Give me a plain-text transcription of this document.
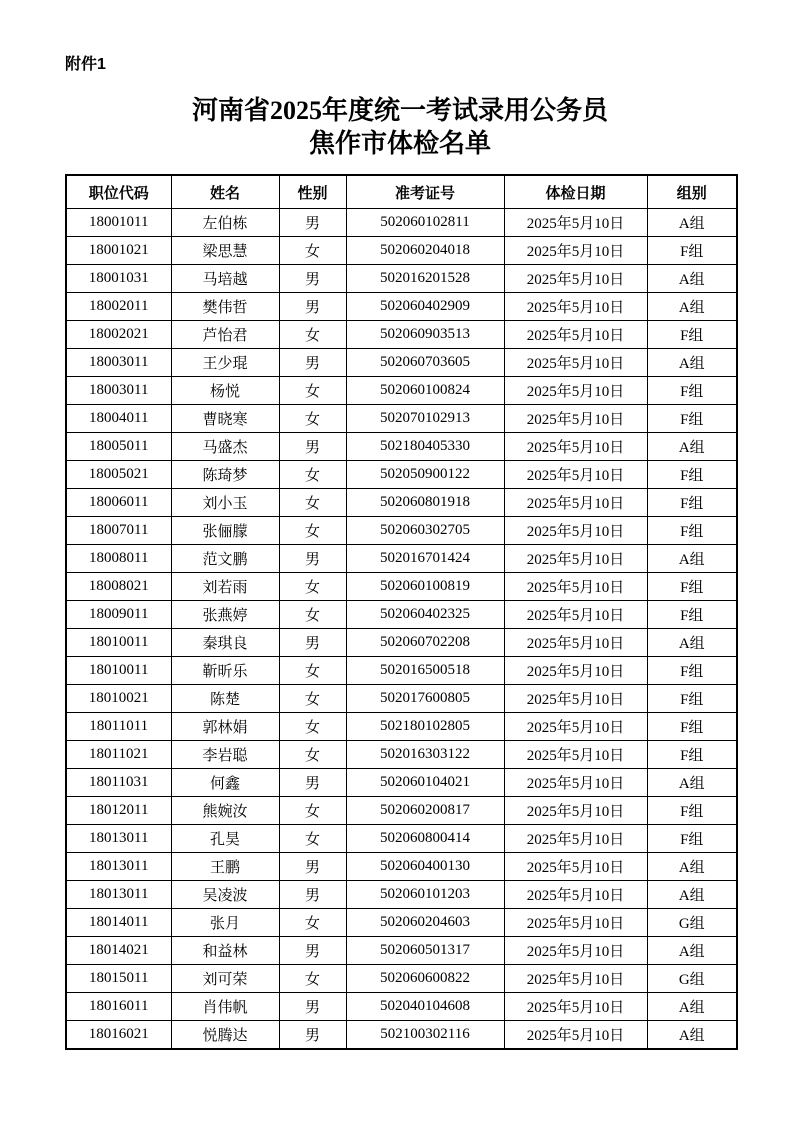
附件1
河南省2025年度统一考试录用公务员
焦作市体检名单
职位代码	姓名	性别	准考证号	体检日期	组别
18001011	左伯栋	男	502060102811	2025年5月10日	A组
18001021	梁思慧	女	502060204018	2025年5月10日	F组
18001031	马培越	男	502016201528	2025年5月10日	A组
18002011	樊伟哲	男	502060402909	2025年5月10日	A组
18002021	芦怡君	女	502060903513	2025年5月10日	F组
18003011	王少琨	男	502060703605	2025年5月10日	A组
18003011	杨悦	女	502060100824	2025年5月10日	F组
18004011	曹晓寒	女	502070102913	2025年5月10日	F组
18005011	马盛杰	男	502180405330	2025年5月10日	A组
18005021	陈琦梦	女	502050900122	2025年5月10日	F组
18006011	刘小玉	女	502060801918	2025年5月10日	F组
18007011	张俪朦	女	502060302705	2025年5月10日	F组
18008011	范文鹏	男	502016701424	2025年5月10日	A组
18008021	刘若雨	女	502060100819	2025年5月10日	F组
18009011	张燕婷	女	502060402325	2025年5月10日	F组
18010011	秦琪良	男	502060702208	2025年5月10日	A组
18010011	靳昕乐	女	502016500518	2025年5月10日	F组
18010021	陈楚	女	502017600805	2025年5月10日	F组
18011011	郭林娟	女	502180102805	2025年5月10日	F组
18011021	李岩聪	女	502016303122	2025年5月10日	F组
18011031	何鑫	男	502060104021	2025年5月10日	A组
18012011	熊婉汝	女	502060200817	2025年5月10日	F组
18013011	孔昊	女	502060800414	2025年5月10日	F组
18013011	王鹏	男	502060400130	2025年5月10日	A组
18013011	吴凌波	男	502060101203	2025年5月10日	A组
18014011	张月	女	502060204603	2025年5月10日	G组
18014021	和益林	男	502060501317	2025年5月10日	A组
18015011	刘可荣	女	502060600822	2025年5月10日	G组
18016011	肖伟帆	男	502040104608	2025年5月10日	A组
18016021	悦腾达	男	502100302116	2025年5月10日	A组
